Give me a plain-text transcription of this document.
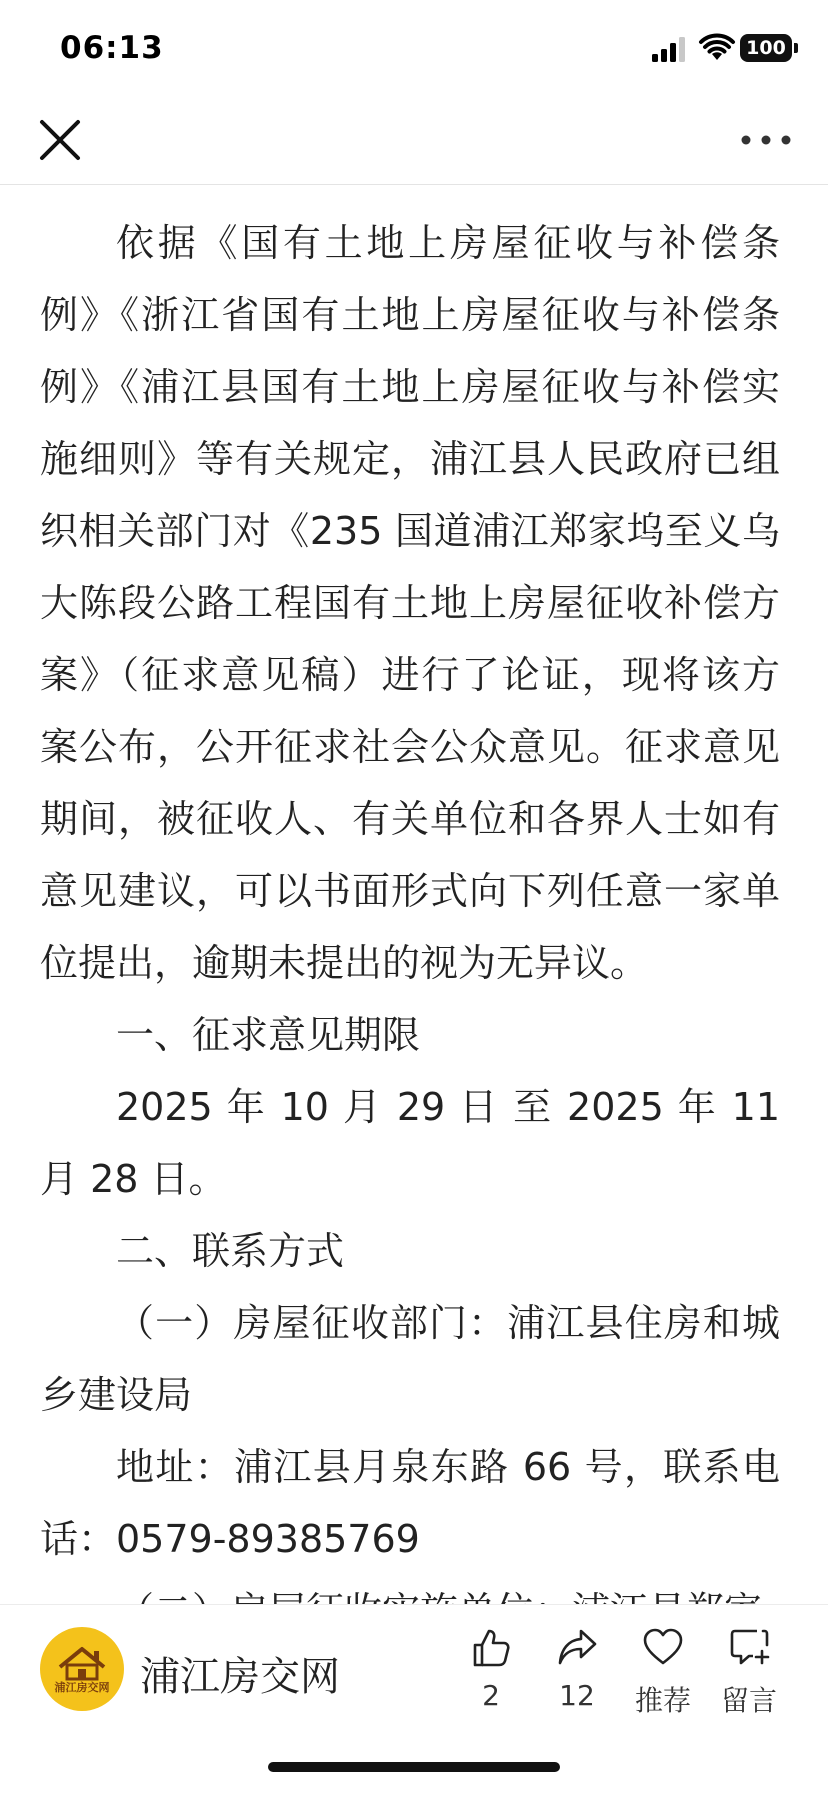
06:13	100

依据《国有土地上房屋征收与补偿条例》《浙江省国有土地上房屋征收与补偿条例》《浦江县国有土地上房屋征收与补偿实施细则》等有关规定，浦江县人民政府已组织相关部门对《235 国道浦江郑家坞至义乌大陈段公路工程国有土地上房屋征收补偿方案》（征求意见稿）进行了论证，现将该方案公布，公开征求社会公众意见。征求意见期间，被征收人、有关单位和各界人士如有意见建议，可以书面形式向下列任意一家单位提出，逾期未提出的视为无异议。

一、征求意见期限

2025 年 10 月 29 日 至 2025 年 11 月 28 日。

二、联系方式

（一）房屋征收部门：浦江县住房和城乡建设局

地址：浦江县月泉东路 66 号，联系电话：0579-89385769

浦江房交网 浦江房交网	2	12	推荐	留言
